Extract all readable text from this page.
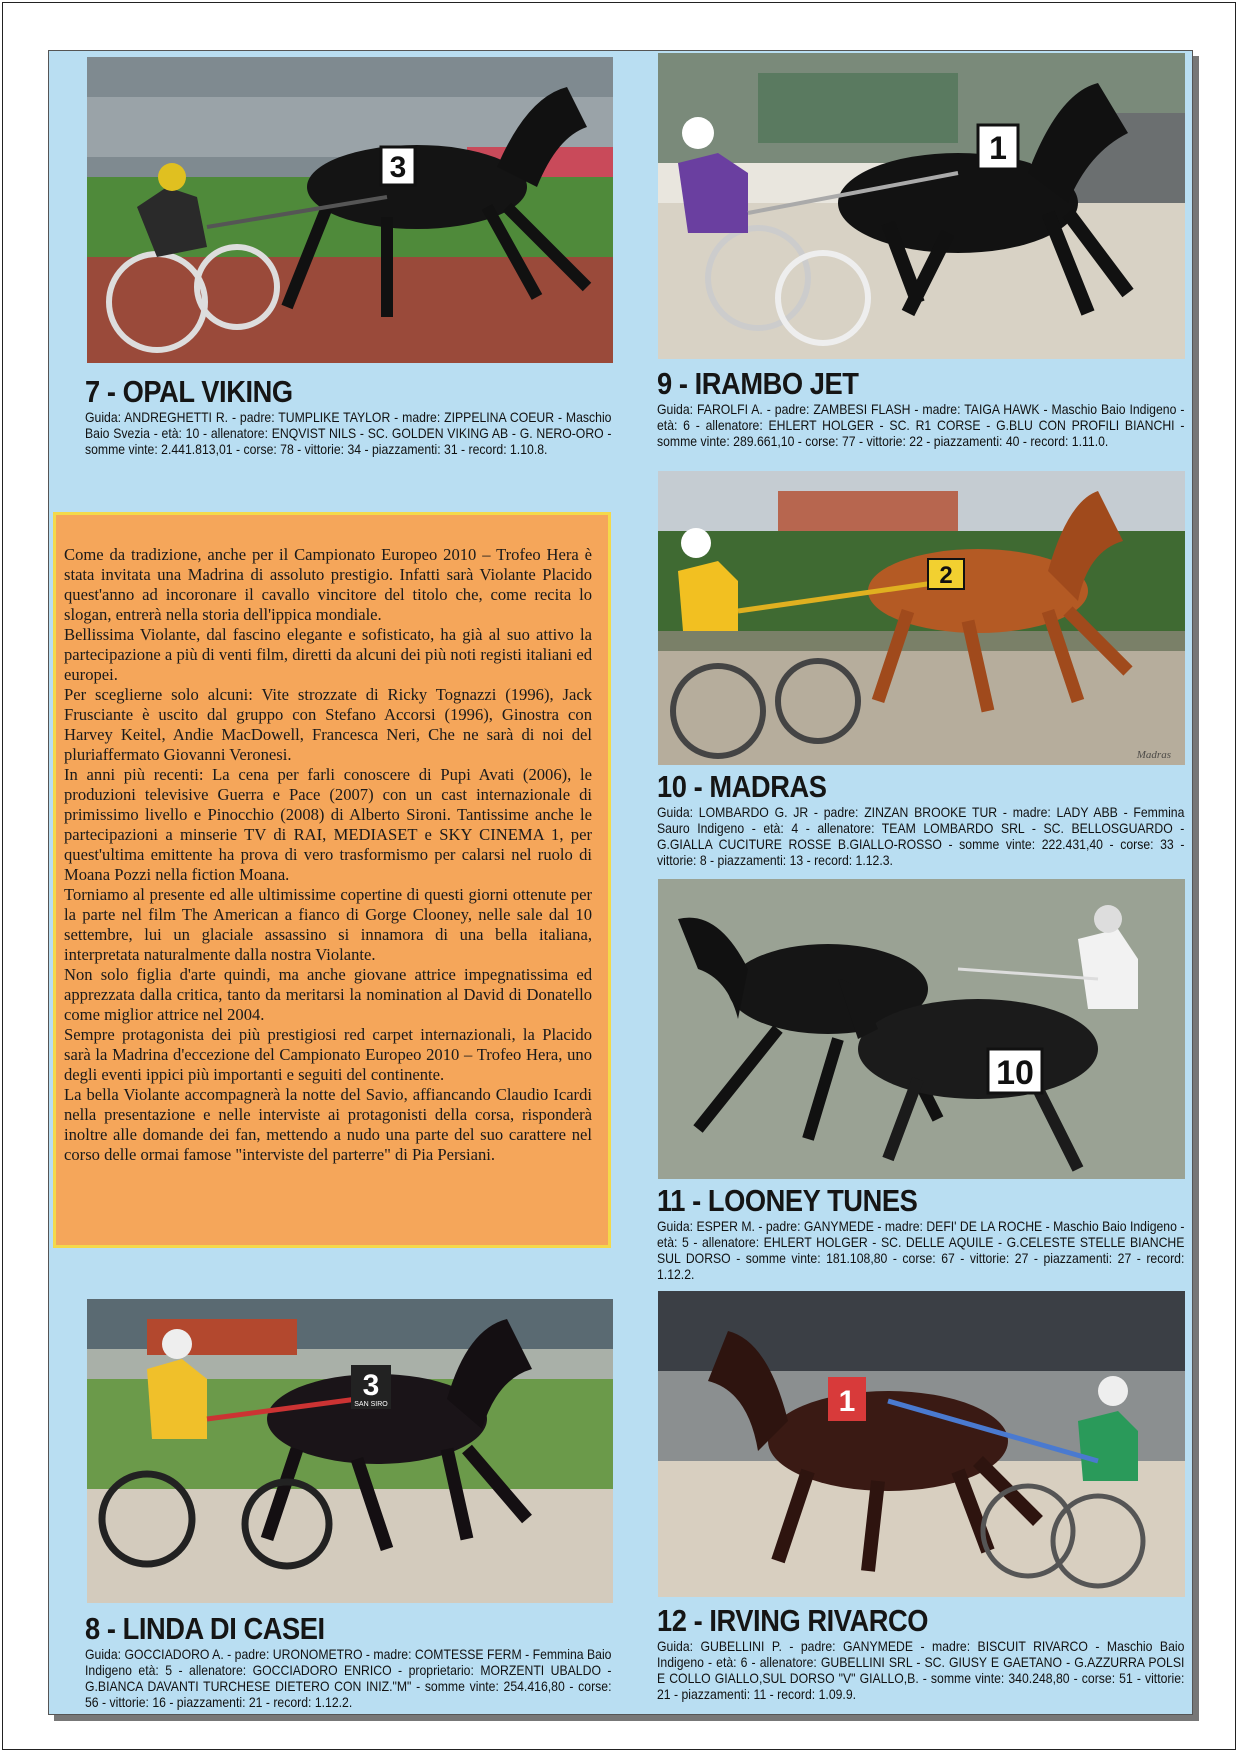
3
7 - OPAL VIKING
Guida: ANDREGHETTI R. - padre: TUMPLIKE TAYLOR - madre: ZIPPELINA COEUR - Maschio Baio Svezia - età: 10 - allenatore: ENQVIST NILS - SC. GOLDEN VIKING AB - G. NERO-ORO - somme vinte: 2.441.813,01 - corse: 78 - vittorie: 34 - piazzamenti: 31 - record: 1.10.8.
1
9 - IRAMBO JET
Guida: FAROLFI A. - padre: ZAMBESI FLASH - madre: TAIGA HAWK - Maschio Baio Indigeno - età: 6 - allenatore: EHLERT HOLGER - SC. R1 CORSE - G.BLU CON PROFILI BIANCHI - somme vinte: 289.661,10 - corse: 77 - vittorie: 22 - piazzamenti: 40 - record: 1.11.0.
2
Madras
10 - MADRAS
Guida: LOMBARDO G. JR - padre: ZINZAN BROOKE TUR - madre: LADY ABB - Femmina Sauro Indigeno - età: 4 - allenatore: TEAM LOMBARDO SRL - SC. BELLOSGUARDO - G.GIALLA CUCITURE ROSSE B.GIALLO-ROSSO - somme vinte: 222.431,40 - corse: 33 - vittorie: 8 - piazzamenti: 13 - record: 1.12.3.
10
11 - LOONEY TUNES
Guida: ESPER M. - padre: GANYMEDE - madre: DEFI' DE LA ROCHE - Maschio Baio Indigeno - età: 5 - allenatore: EHLERT HOLGER - SC. DELLE AQUILE - G.CELESTE STELLE BIANCHE SUL DORSO - somme vinte: 181.108,80 - corse: 67 - vittorie: 27 - piazzamenti: 27 - record: 1.12.2.

Come da tradizione, anche per il Campionato Europeo 2010 – Trofeo Hera è stata invitata una Madrina di assoluto prestigio. Infatti sarà Violante Placido quest'anno ad incoronare il cavallo vincitore del titolo che, come recita lo slogan, entrerà nella storia dell'ippica mondiale.

Bellissima Violante, dal fascino elegante e sofisticato, ha già al suo attivo la partecipazione a più di venti film, diretti da alcuni dei più noti registi italiani ed europei.

Per sceglierne solo alcuni: Vite strozzate di Ricky Tognazzi (1996), Jack Frusciante è uscito dal gruppo con Stefano Accorsi (1996), Ginostra con Harvey Keitel, Andie MacDowell, Francesca Neri, Che ne sarà di noi del pluriaffermato Giovanni Veronesi.

In anni più recenti: La cena per farli conoscere di Pupi Avati (2006), le produzioni televisive Guerra e Pace (2007) con un cast internazionale di primissimo livello e Pinocchio (2008) di Alberto Sironi. Tantissime anche le partecipazioni a minserie TV di RAI, MEDIASET e SKY CINEMA 1, per quest'ultima emittente ha prova di vero trasformismo per calarsi nel ruolo di Moana Pozzi nella fiction Moana.

Torniamo al presente ed alle ultimissime copertine di questi giorni ottenute per la parte nel film The American a fianco di Gorge Clooney, nelle sale dal 10 settembre, lui un glaciale assassino si innamora di una bella italiana, interpretata naturalmente dalla nostra Violante.

Non solo figlia d'arte quindi, ma anche giovane attrice impegnatissima ed apprezzata dalla critica, tanto da meritarsi la nomination al David di Donatello come miglior attrice nel 2004.

Sempre protagonista dei più prestigiosi red carpet internazionali, la Placido sarà la Madrina d'eccezione del Campionato Europeo 2010 – Trofeo Hera, uno degli eventi ippici più importanti e seguiti del continente.

La bella Violante accompagnerà la notte del Savio, affiancando Claudio Icardi nella presentazione e nelle interviste ai protagonisti della corsa, risponderà inoltre alle domande dei fan, mettendo a nudo una parte del suo carattere nel corso delle ormai famose "interviste del parterre" di Pia Persiani.

3
SAN SIRO
8 - LINDA DI CASEI
Guida: GOCCIADORO A. - padre: URONOMETRO - madre: COMTESSE FERM - Femmina Baio Indigeno età: 5 - allenatore: GOCCIADORO ENRICO - proprietario: MORZENTI UBALDO - G.BIANCA DAVANTI TURCHESE DIETERO CON INIZ."M" - somme vinte: 254.416,80 - corse: 56 - vittorie: 16 - piazzamenti: 21 - record: 1.12.2.
1
12 - IRVING RIVARCO
Guida: GUBELLINI P. - padre: GANYMEDE - madre: BISCUIT RIVARCO - Maschio Baio Indigeno - età: 6 - allenatore: GUBELLINI SRL - SC. GIUSY E GAETANO - G.AZZURRA POLSI E COLLO GIALLO,SUL DORSO "V" GIALLO,B. - somme vinte: 340.248,80 - corse: 51 - vittorie: 21 - piazzamenti: 11 - record: 1.09.9.
